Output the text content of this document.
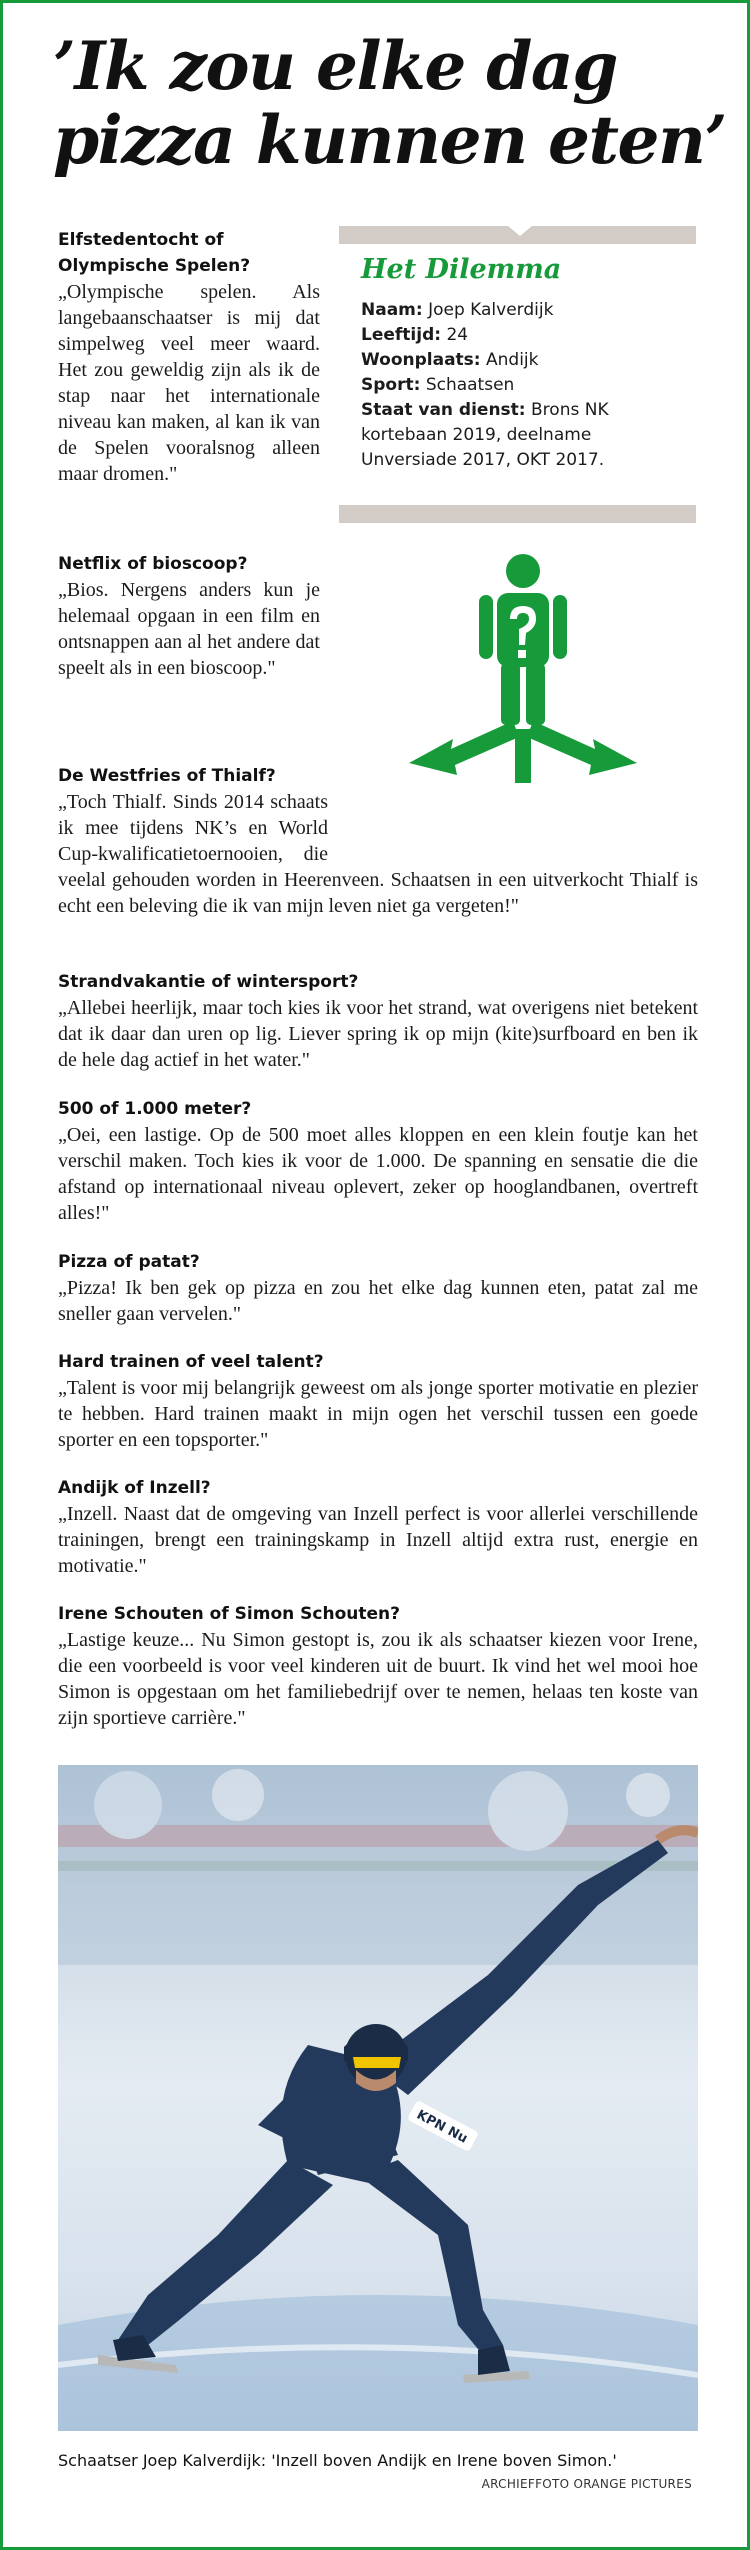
’Ik zou elke dag
pizza kunnen eten’
Het Dilemma
Naam: Joep Kalverdijk
Leeftijd: 24
Woonplaats: Andijk
Sport: Schaatsen
Staat van dienst: Brons NK kortebaan 2019, deelname Unversiade 2017, OKT 2017.
Elfstedentocht of Olympische Spelen?
„Olympische spelen. Als langebaanschaatser is mij dat simpelweg veel meer waard. Het zou geweldig zijn als ik de stap naar het internationale niveau kan maken, al kan ik van de Spelen vooralsnog alleen maar dromen."
Netflix of bioscoop?
„Bios. Nergens anders kun je helemaal opgaan in een film en ontsnappen aan al het andere dat speelt als in een bioscoop."
De Westfries of Thialf?
„Toch Thialf. Sinds 2014 schaats ik mee tijdens NK’s en World Cup-kwalificatietoernooien, die veelal gehouden worden in Heerenveen. Schaatsen in een uitverkocht Thialf is echt een beleving die ik van mijn leven niet ga vergeten!"
Strandvakantie of wintersport?
„Allebei heerlijk, maar toch kies ik voor het strand, wat overigens niet betekent dat ik daar dan uren op lig. Liever spring ik op mijn (kite)surfboard en ben ik de hele dag actief in het water."
500 of 1.000 meter?
„Oei, een lastige. Op de 500 moet alles kloppen en een klein foutje kan het verschil maken. Toch kies ik voor de 1.000. De spanning en sensatie die die afstand op internationaal niveau oplevert, zeker op hooglandbanen, overtreft alles!"
Pizza of patat?
„Pizza! Ik ben gek op pizza en zou het elke dag kunnen eten, patat zal me sneller gaan vervelen."
Hard trainen of veel talent?
„Talent is voor mij belangrijk geweest om als jonge sporter motivatie en plezier te hebben. Hard trainen maakt in mijn ogen het verschil tussen een goede sporter en een topsporter."
Andijk of Inzell?
„Inzell. Naast dat de omgeving van Inzell perfect is voor allerlei verschillende trainingen, brengt een trainingskamp in Inzell altijd extra rust, energie en motivatie."
Irene Schouten of Simon Schouten?
„Lastige keuze... Nu Simon gestopt is, zou ik als schaatser kiezen voor Irene, die een voorbeeld is voor veel kinderen uit de buurt. Ik vind het wel mooi hoe Simon is opgestaan om het familiebedrijf over te nemen, helaas ten koste van zijn sportieve carrière."
KPN Nu
Schaatser Joep Kalverdijk: 'Inzell boven Andijk en Irene boven Simon.'
ARCHIEFFOTO ORANGE PICTURES
